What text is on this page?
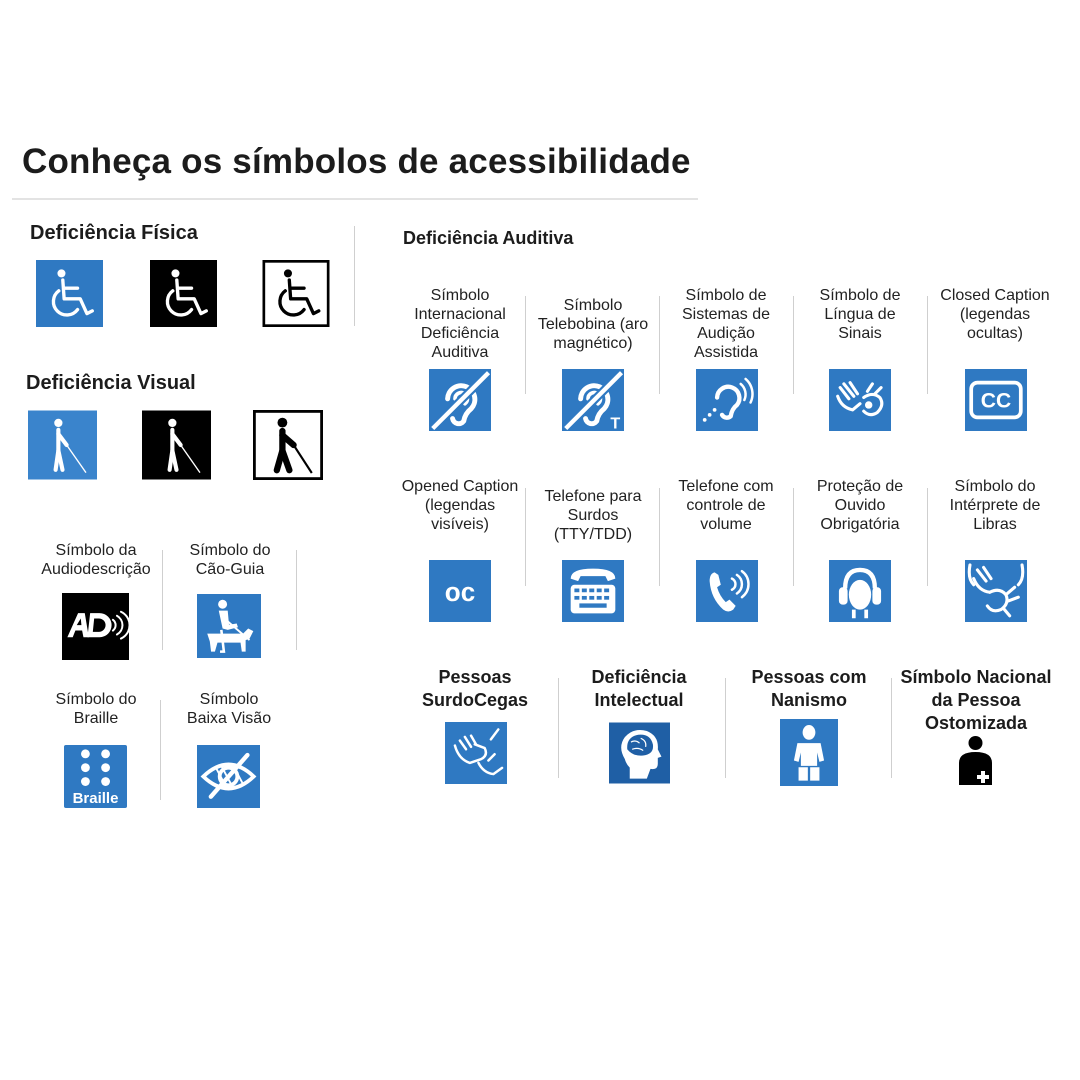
Conheça os símbolos de acessibilidade
Deficiência Física
Deficiência Visual
Símbolo da Audiodescrição
Símbolo do Cão-Guia
Símbolo do Braille
Braille
Símbolo Baixa Visão
Deficiência Auditiva
Símbolo Internacional Deficiência Auditiva
Símbolo Telebobina (aro magnético)
T
Símbolo de Sistemas de Audição Assistida
Símbolo de Língua de Sinais
Closed Caption (legendas ocultas)
CC
Opened Caption (legendas visíveis)
oc
Telefone para Surdos (TTY/TDD)
Telefone com controle de volume
Proteção de Ouvido Obrigatória
Símbolo do Intérprete de Libras
Pessoas SurdoCegas
Deficiência Intelectual
Pessoas com Nanismo
Símbolo Nacional da Pessoa Ostomizada
